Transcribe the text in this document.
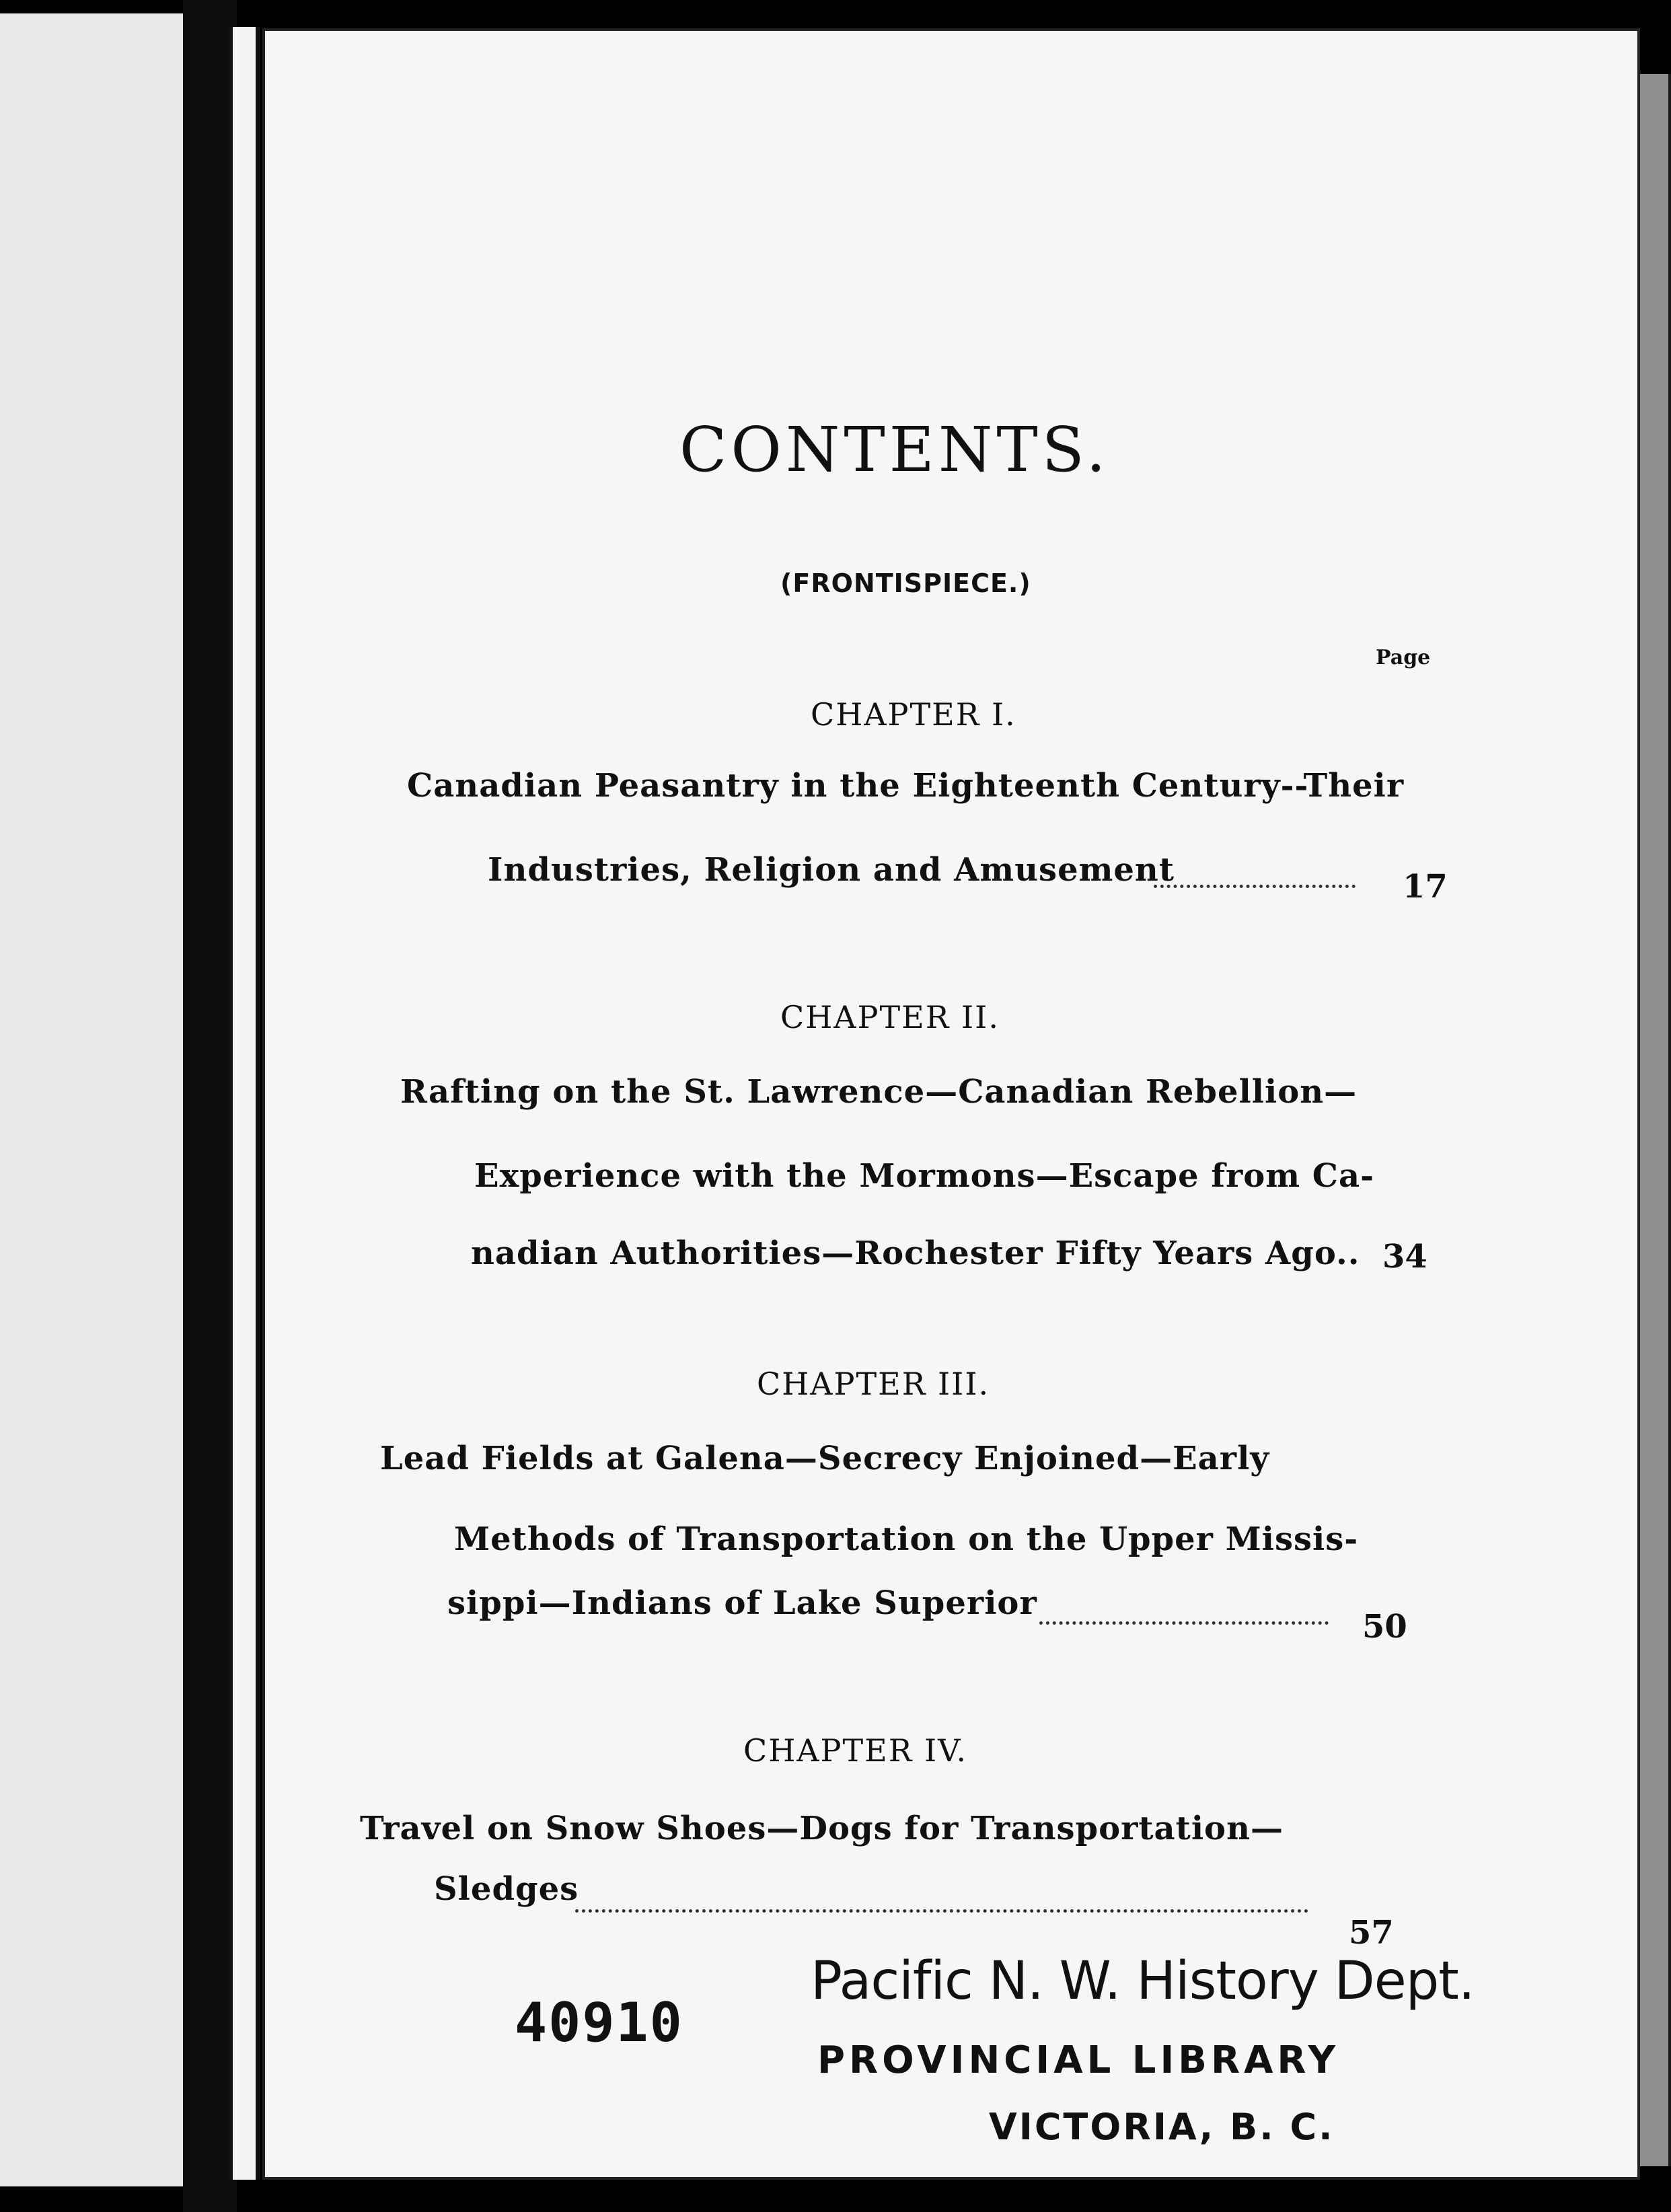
CONTENTS.
(FRONTISPIECE.)
Page
CHAPTER I.
Canadian Peasantry in the Eighteenth Century--Their
Industries, Religion and Amusement	17
CHAPTER II.
Rafting on the St. Lawrence—Canadian Rebellion—
Experience with the Mormons—Escape from Ca-
nadian Authorities—Rochester Fifty Years Ago.. 34
CHAPTER III.
Lead Fields at Galena—Secrecy Enjoined—Early
Methods of Transportation on the Upper Missis-
sippi—Indians of Lake Superior
50
CHAPTER IV.
Travel on Snow Shoes—Dogs for Transportation—
Sledges
57
40910
Pacific N. W. History Dept.
PROVINCIAL LIBRARY
VICTORIA, B. C.
